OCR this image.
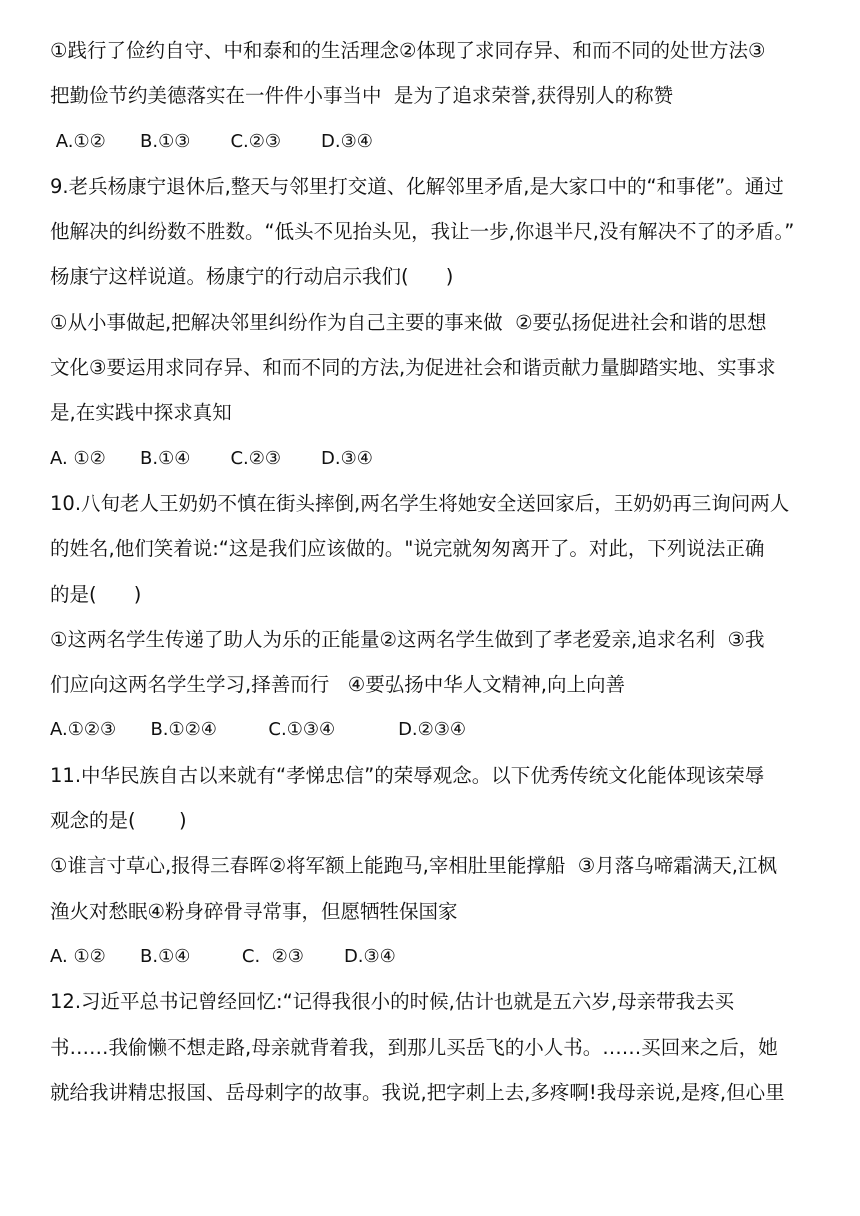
①践行了俭约自守、中和泰和的生活理念②体现了求同存异、和而不同的处世方法③
把勤俭节约美德落实在一件件小事当中  是为了追求荣誉,获得别人的称赞
A.①②      B.①③       C.②③       D.③④
9.老兵杨康宁退休后,整天与邻里打交道、化解邻里矛盾,是大家口中的“和事佬”。通过
他解决的纠纷数不胜数。“低头不见抬头见，我让一步,你退半尺,没有解决不了的矛盾。”
杨康宁这样说道。杨康宁的行动启示我们(      )
①从小事做起,把解决邻里纠纷作为自己主要的事来做  ②要弘扬促进社会和谐的思想
文化③要运用求同存异、和而不同的方法,为促进社会和谐贡献力量脚踏实地、实事求
是,在实践中探求真知
A. ①②      B.①④       C.②③       D.③④
10.八旬老人王奶奶不慎在街头摔倒,两名学生将她安全送回家后，王奶奶再三询问两人
的姓名,他们笑着说:“这是我们应该做的。"说完就匆匆离开了。对此，下列说法正确
的是(      )
①这两名学生传递了助人为乐的正能量②这两名学生做到了孝老爱亲,追求名利  ③我
们应向这两名学生学习,择善而行   ④要弘扬中华人文精神,向上向善
A.①②③      B.①②④         C.①③④           D.②③④
11.中华民族自古以来就有“孝悌忠信”的荣辱观念。以下优秀传统文化能体现该荣辱
观念的是(       )
①谁言寸草心,报得三春晖②将军额上能跑马,宰相肚里能撑船  ③月落乌啼霜满天,江枫
渔火对愁眠④粉身碎骨寻常事，但愿牺牲保国家
A. ①②      B.①④         C.  ②③       D.③④
12.习近平总书记曾经回忆:“记得我很小的时候,估计也就是五六岁,母亲带我去买
书……我偷懒不想走路,母亲就背着我，到那儿买岳飞的小人书。……买回来之后，她
就给我讲精忠报国、岳母刺字的故事。我说,把字刺上去,多疼啊!我母亲说,是疼,但心里
